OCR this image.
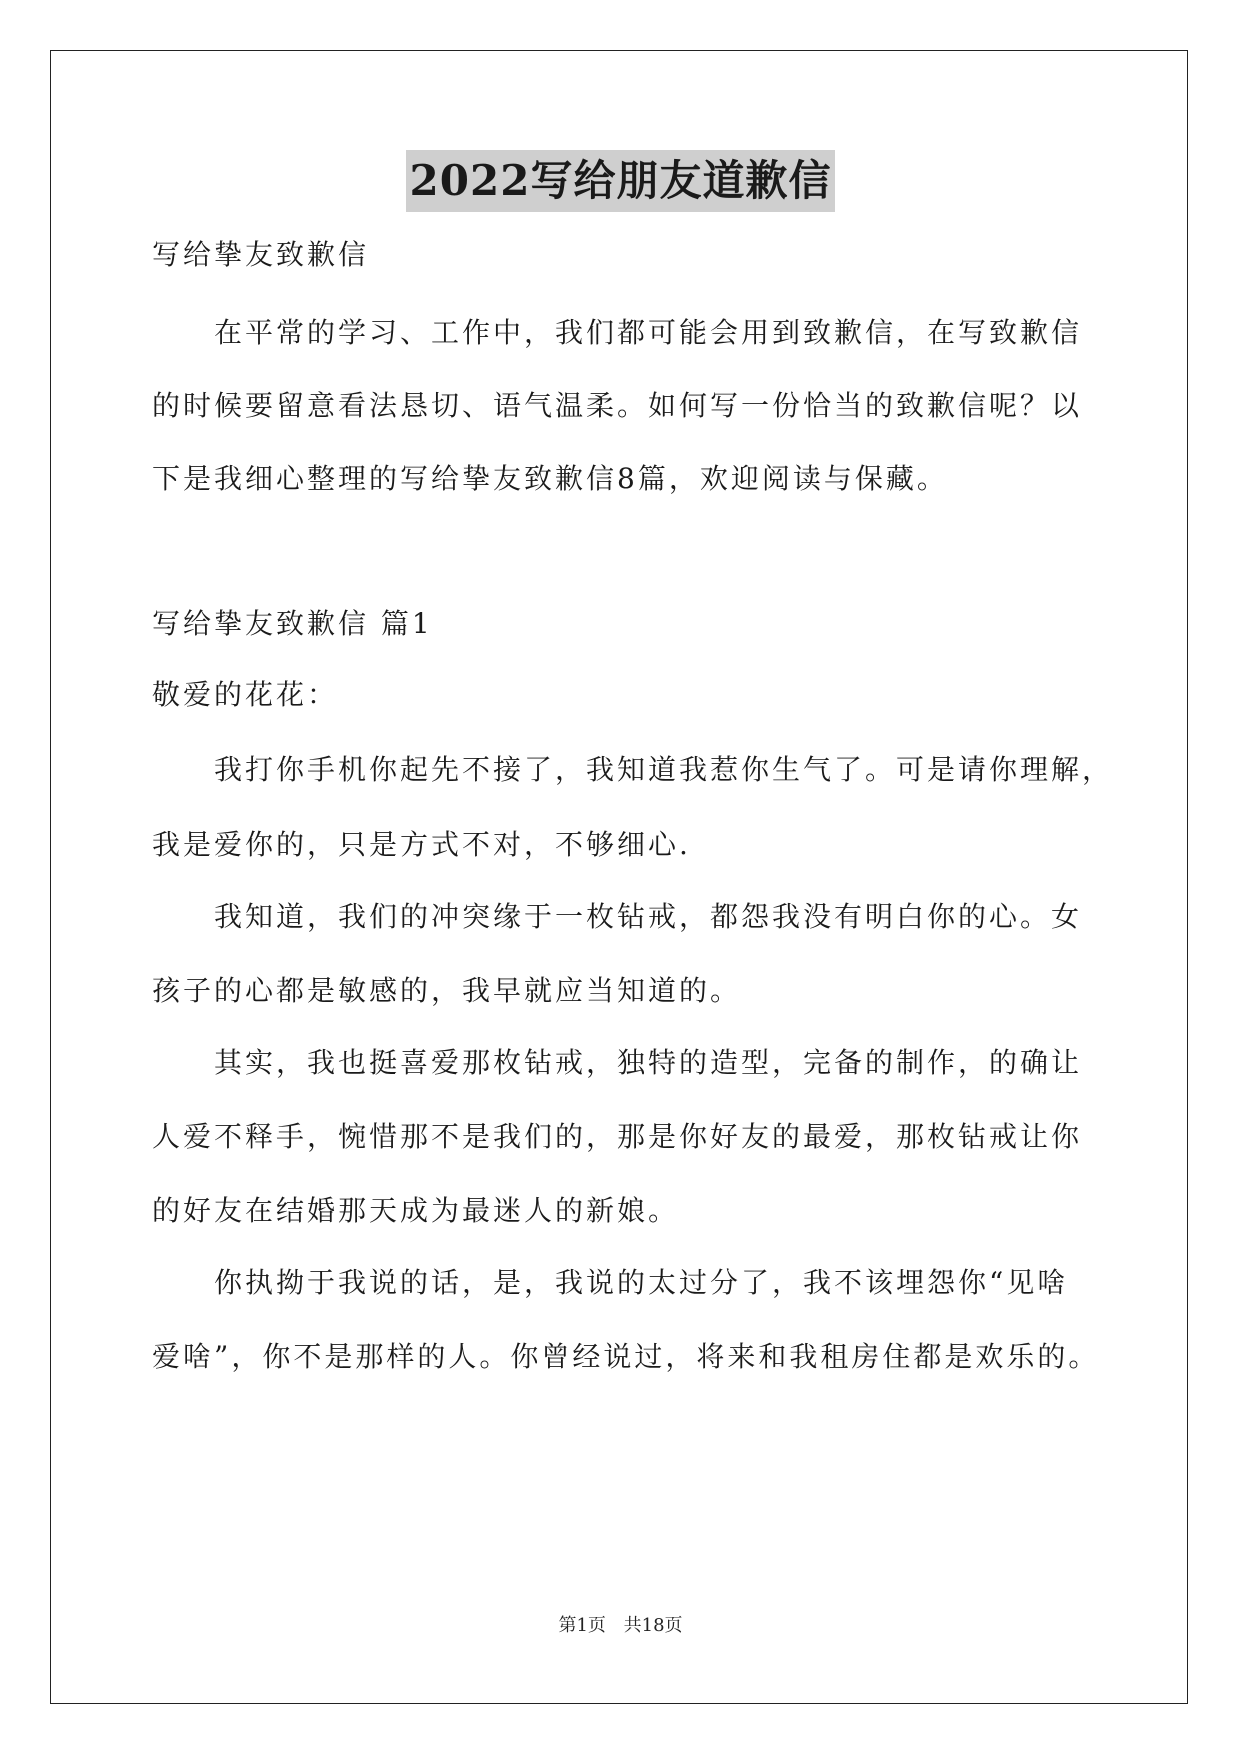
2022写给朋友道歉信
写给挚友致歉信
在平常的学习、工作中，我们都可能会用到致歉信，在写致歉信
的时候要留意看法恳切、语气温柔。如何写一份恰当的致歉信呢？以
下是我细心整理的写给挚友致歉信8篇，欢迎阅读与保藏。
写给挚友致歉信 篇1
敬爱的花花：
我打你手机你起先不接了，我知道我惹你生气了。可是请你理解，
我是爱你的，只是方式不对，不够细心.
我知道，我们的冲突缘于一枚钻戒，都怨我没有明白你的心。女
孩子的心都是敏感的，我早就应当知道的。
其实，我也挺喜爱那枚钻戒，独特的造型，完备的制作，的确让
人爱不释手，惋惜那不是我们的，那是你好友的最爱，那枚钻戒让你
的好友在结婚那天成为最迷人的新娘。
你执拗于我说的话，是，我说的太过分了，我不该埋怨你“见啥
爱啥”，你不是那样的人。你曾经说过，将来和我租房住都是欢乐的。
第1页 共18页
